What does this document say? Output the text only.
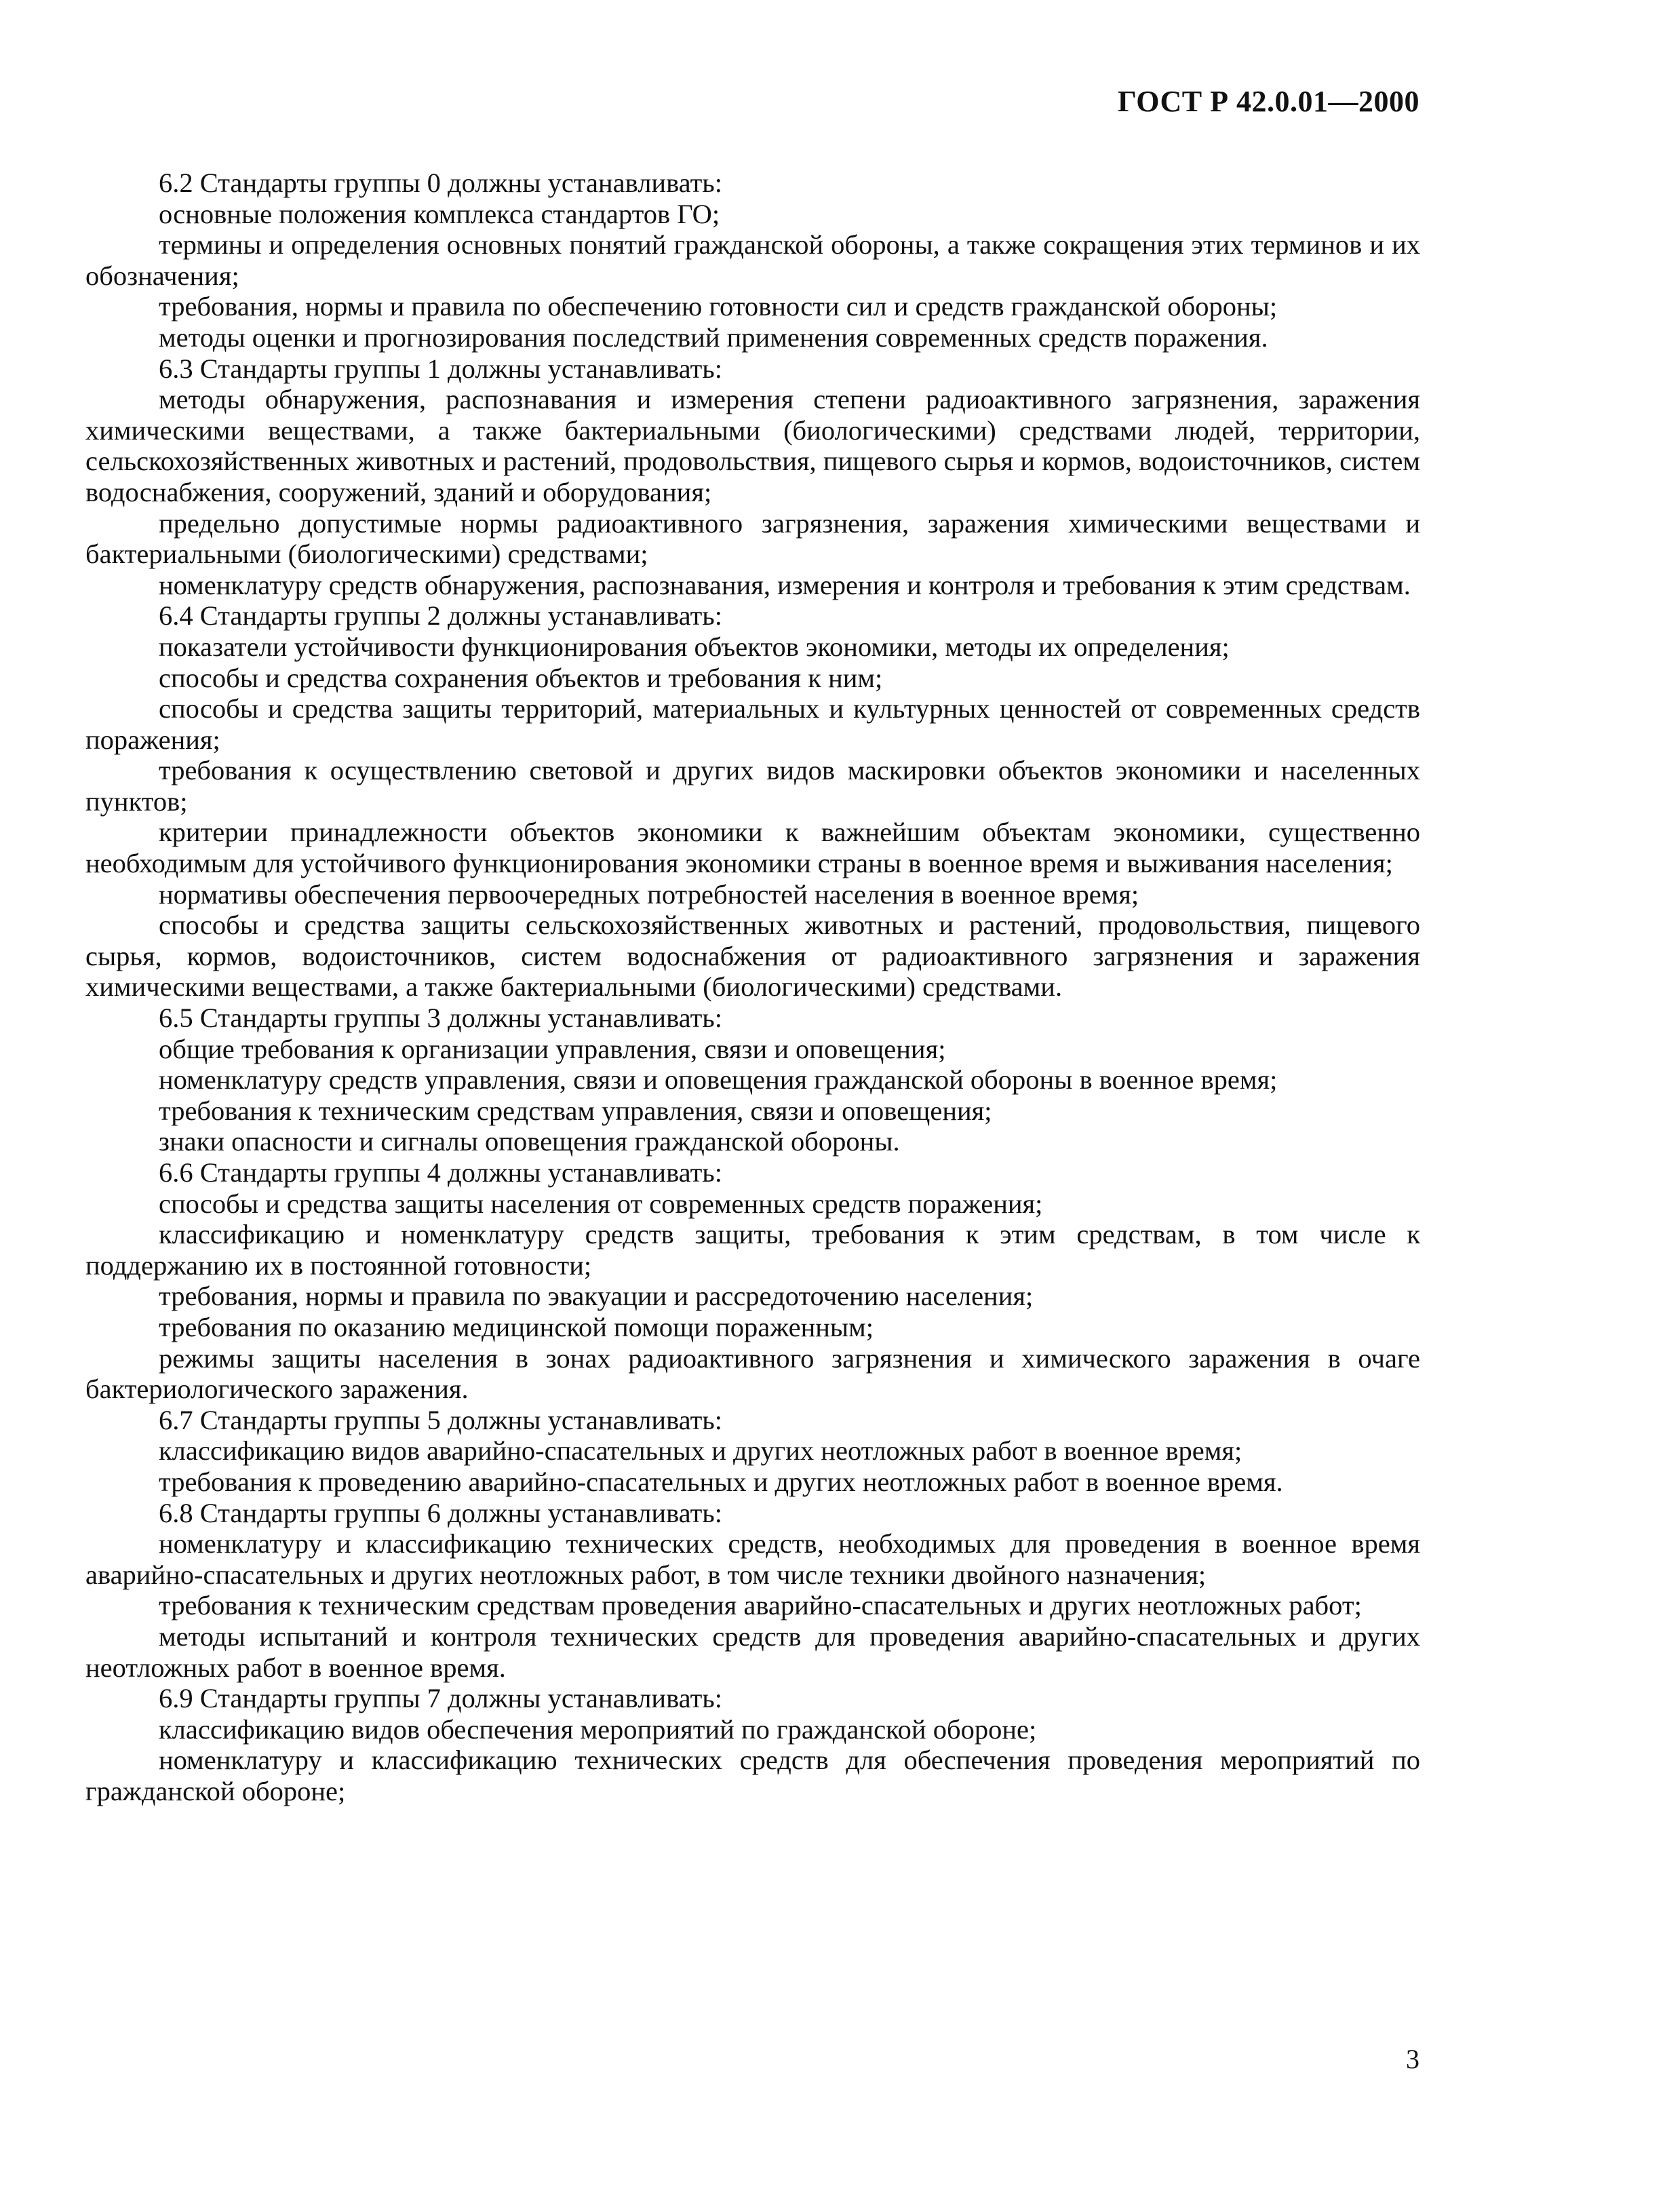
ГОСТ Р 42.0.01—2000

6.2 Стандарты группы 0 должны устанавливать:

основные положения комплекса стандартов ГО;

термины и определения основных понятий гражданской обороны, а также сокращения этих терминов и их обозначения;

требования, нормы и правила по обеспечению готовности сил и средств гражданской обороны;

методы оценки и прогнозирования последствий применения современных средств поражения.

6.3 Стандарты группы 1 должны устанавливать:

методы обнаружения, распознавания и измерения степени радиоактивного загрязнения, заражения химическими веществами, а также бактериальными (биологическими) средствами людей, территории, сельскохозяйственных животных и растений, продовольствия, пищевого сырья и кормов, водоисточников, систем водоснабжения, сооружений, зданий и оборудования;

предельно допустимые нормы радиоактивного загрязнения, заражения химическими веществами и бактериальными (биологическими) средствами;

номенклатуру средств обнаружения, распознавания, измерения и контроля и требования к этим средствам.

6.4 Стандарты группы 2 должны устанавливать:

показатели устойчивости функционирования объектов экономики, методы их определения;

способы и средства сохранения объектов и требования к ним;

способы и средства защиты территорий, материальных и культурных ценностей от современных средств поражения;

требования к осуществлению световой и других видов маскировки объектов экономики и населенных пунктов;

критерии принадлежности объектов экономики к важнейшим объектам экономики, существенно необходимым для устойчивого функционирования экономики страны в военное время и выживания населения;

нормативы обеспечения первоочередных потребностей населения в военное время;

способы и средства защиты сельскохозяйственных животных и растений, продовольствия, пищевого сырья, кормов, водоисточников, систем водоснабжения от радиоактивного загрязнения и заражения химическими веществами, а также бактериальными (биологическими) средствами.

6.5 Стандарты группы 3 должны устанавливать:

общие требования к организации управления, связи и оповещения;

номенклатуру средств управления, связи и оповещения гражданской обороны в военное время;

требования к техническим средствам управления, связи и оповещения;

знаки опасности и сигналы оповещения гражданской обороны.

6.6 Стандарты группы 4 должны устанавливать:

способы и средства защиты населения от современных средств поражения;

классификацию и номенклатуру средств защиты, требования к этим средствам, в том числе к поддержанию их в постоянной готовности;

требования, нормы и правила по эвакуации и рассредоточению населения;

требования по оказанию медицинской помощи пораженным;

режимы защиты населения в зонах радиоактивного загрязнения и химического заражения в очаге бактериологического заражения.

6.7 Стандарты группы 5 должны устанавливать:

классификацию видов аварийно-спасательных и других неотложных работ в военное время;

требования к проведению аварийно-спасательных и других неотложных работ в военное время.

6.8 Стандарты группы 6 должны устанавливать:

номенклатуру и классификацию технических средств, необходимых для проведения в военное время аварийно-спасательных и других неотложных работ, в том числе техники двойного назначения;

требования к техническим средствам проведения аварийно-спасательных и других неотложных работ;

методы испытаний и контроля технических средств для проведения аварийно-спасательных и других неотложных работ в военное время.

6.9 Стандарты группы 7 должны устанавливать:

классификацию видов обеспечения мероприятий по гражданской обороне;

номенклатуру и классификацию технических средств для обеспечения проведения мероприятий по гражданской обороне;

3
